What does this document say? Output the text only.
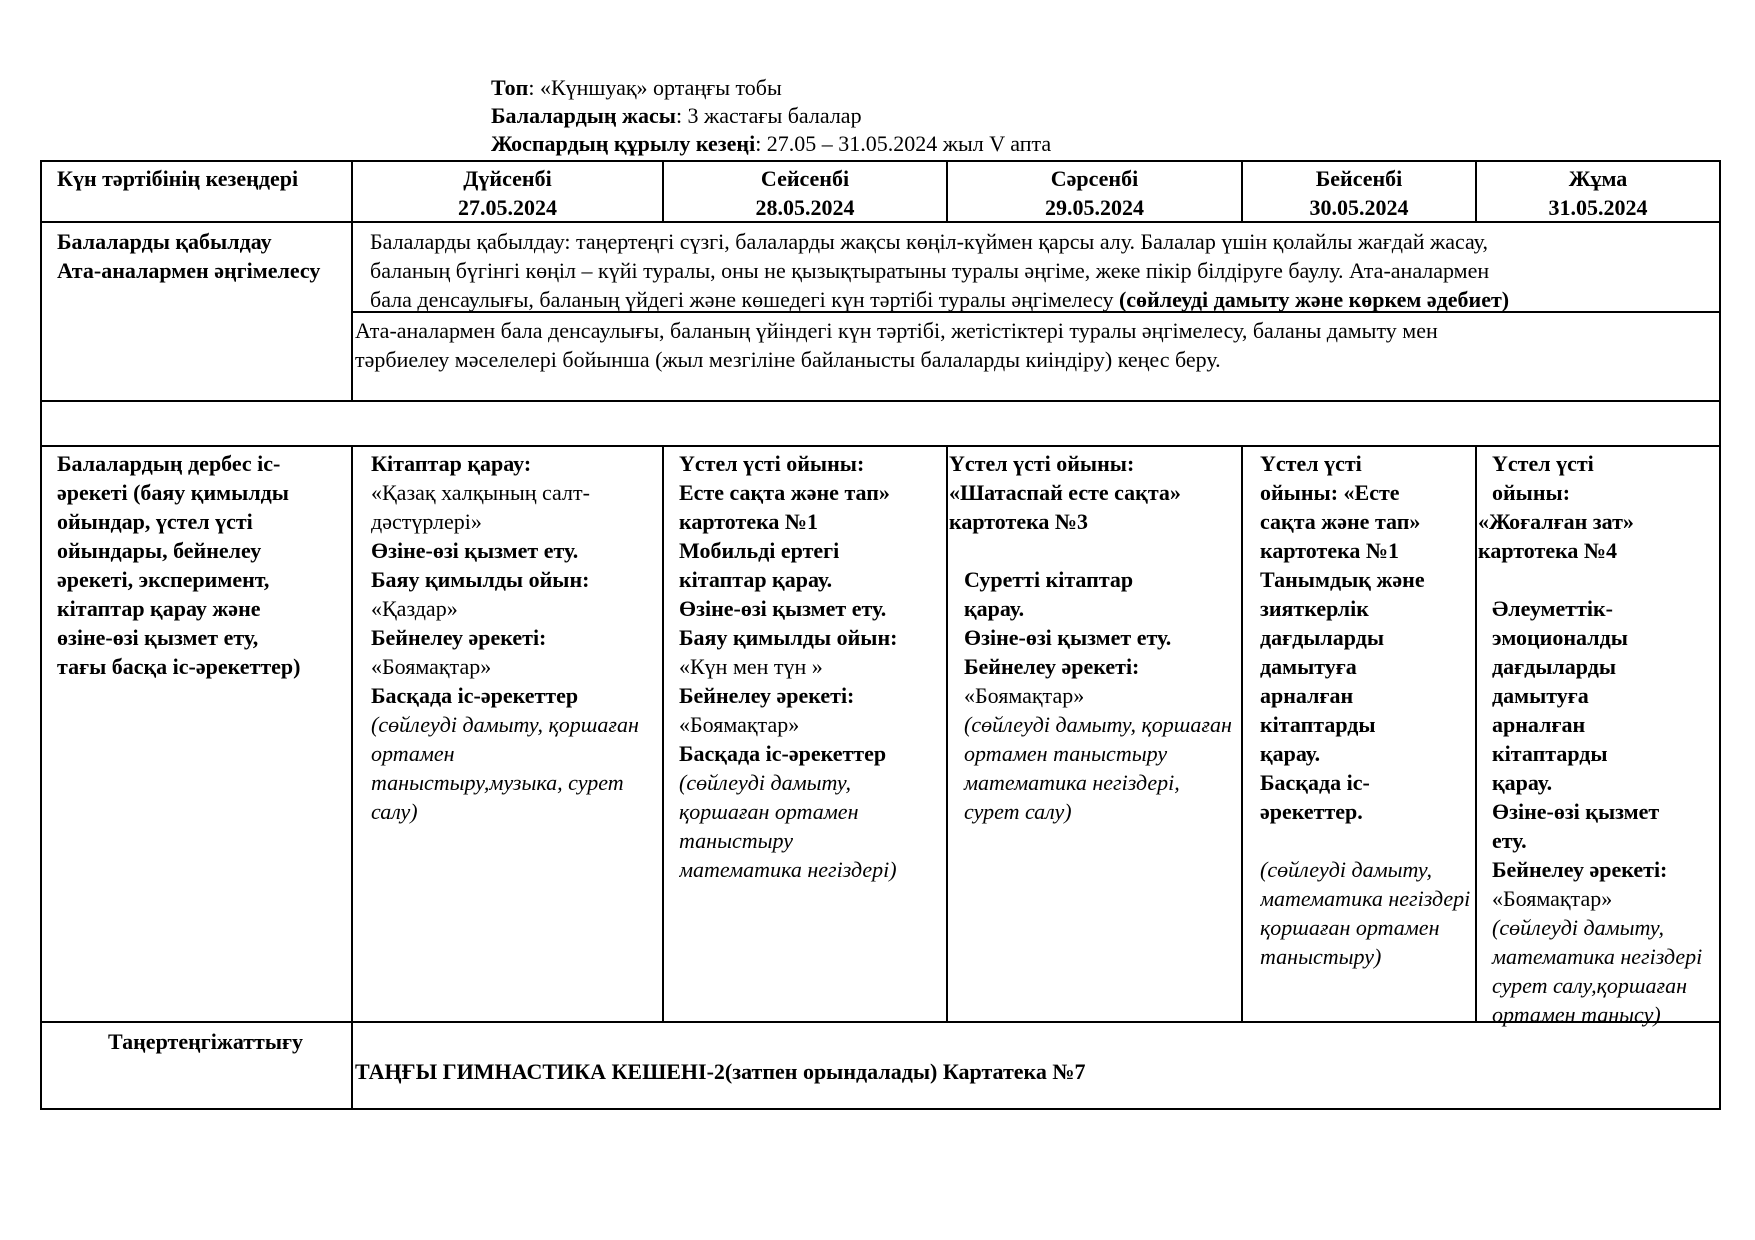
Топ: «Күншуақ» ортаңғы тобы
Балалардың жасы: 3 жастағы балалар
Жоспардың құрылу кезеңі: 27.05 – 31.05.2024 жыл V апта
Күн тәртібінің кезеңдері	Дүйсенбі
27.05.2024
Сейсенбі
28.05.2024
Сәрсенбі
29.05.2024
Бейсенбі
30.05.2024
Жұма
31.05.2024
Балаларды қабылдау
Ата-аналармен әңгімелесу
Балаларды қабылдау: таңертеңгі сүзгі, балаларды жақсы көңіл-күймен қарсы алу. Балалар үшін қолайлы жағдай жасау,
баланың бүгінгі көңіл – күйі туралы, оны не қызықтыратыны туралы әңгіме, жеке пікір білдіруге баулу. Ата-аналармен
бала денсаулығы, баланың үйдегі және көшедегі күн тәртібі туралы әңгімелесу (сөйлеуді дамыту және көркем әдебиет)
Ата-аналармен бала денсаулығы, баланың үйіндегі күн тәртібі, жетістіктері туралы әңгімелесу, баланы дамыту мен
тәрбиелеу мәселелері бойынша (жыл мезгіліне байланысты балаларды киіндіру) кеңес беру.
Балалардың дербес іс-
әрекеті (баяу қимылды
ойындар, үстел үсті
ойындары, бейнелеу
әрекеті, эксперимент,
кітаптар қарау және
өзіне-өзі қызмет ету,
тағы басқа іс-әрекеттер)
Кітаптар қарау:
«Қазақ халқының салт-
дәстүрлері»
Өзіне-өзі қызмет ету.
Баяу қимылды ойын:
«Қаздар»
Бейнелеу әрекеті:
«Боямақтар»
Басқада іс-әрекеттер
(сөйлеуді дамыту, қоршаған
ортамен
таныстыру,музыка, сурет
салу)
Үстел үсті ойыны:
Есте сақта және тап»
картотека №1
Мобильді ертегі
кітаптар қарау.
Өзіне-өзі қызмет ету.
Баяу қимылды ойын:
«Күн мен түн »
Бейнелеу әрекеті:
«Боямақтар»
Басқада іс-әрекеттер
(сөйлеуді дамыту,
қоршаған ортамен
таныстыру
математика негіздері)
Үстел үсті ойыны:
«Шатаспай есте сақта»
картотека №3
Суретті кітаптар
қарау.
Өзіне-өзі қызмет ету.
Бейнелеу әрекеті:
«Боямақтар»
(сөйлеуді дамыту, қоршаған
ортамен таныстыру
математика негіздері,
сурет салу)
Үстел үсті
ойыны: «Есте
сақта және тап»
картотека №1
Танымдық және
зияткерлік
дағдыларды
дамытуға
арналған
кітаптарды
қарау.
Басқада іс-
әрекеттер.
(сөйлеуді дамыту,
математика негіздері
қоршаған ортамен
таныстыру)
Үстел үсті
ойыны:
«Жоғалған зат»
картотека №4
Әлеуметтік-
эмоционалды
дағдыларды
дамытуға
арналған
кітаптарды
қарау.
Өзіне-өзі қызмет
ету.
Бейнелеу әрекеті:
«Боямақтар»
(сөйлеуді дамыту,
математика негіздері
сурет салу,қоршаған
ортамен танысу)
Таңертеңгіжаттығу
ТАҢҒЫ ГИМНАСТИКА КЕШЕНІ-2(затпен орындалады) Картатека №7
